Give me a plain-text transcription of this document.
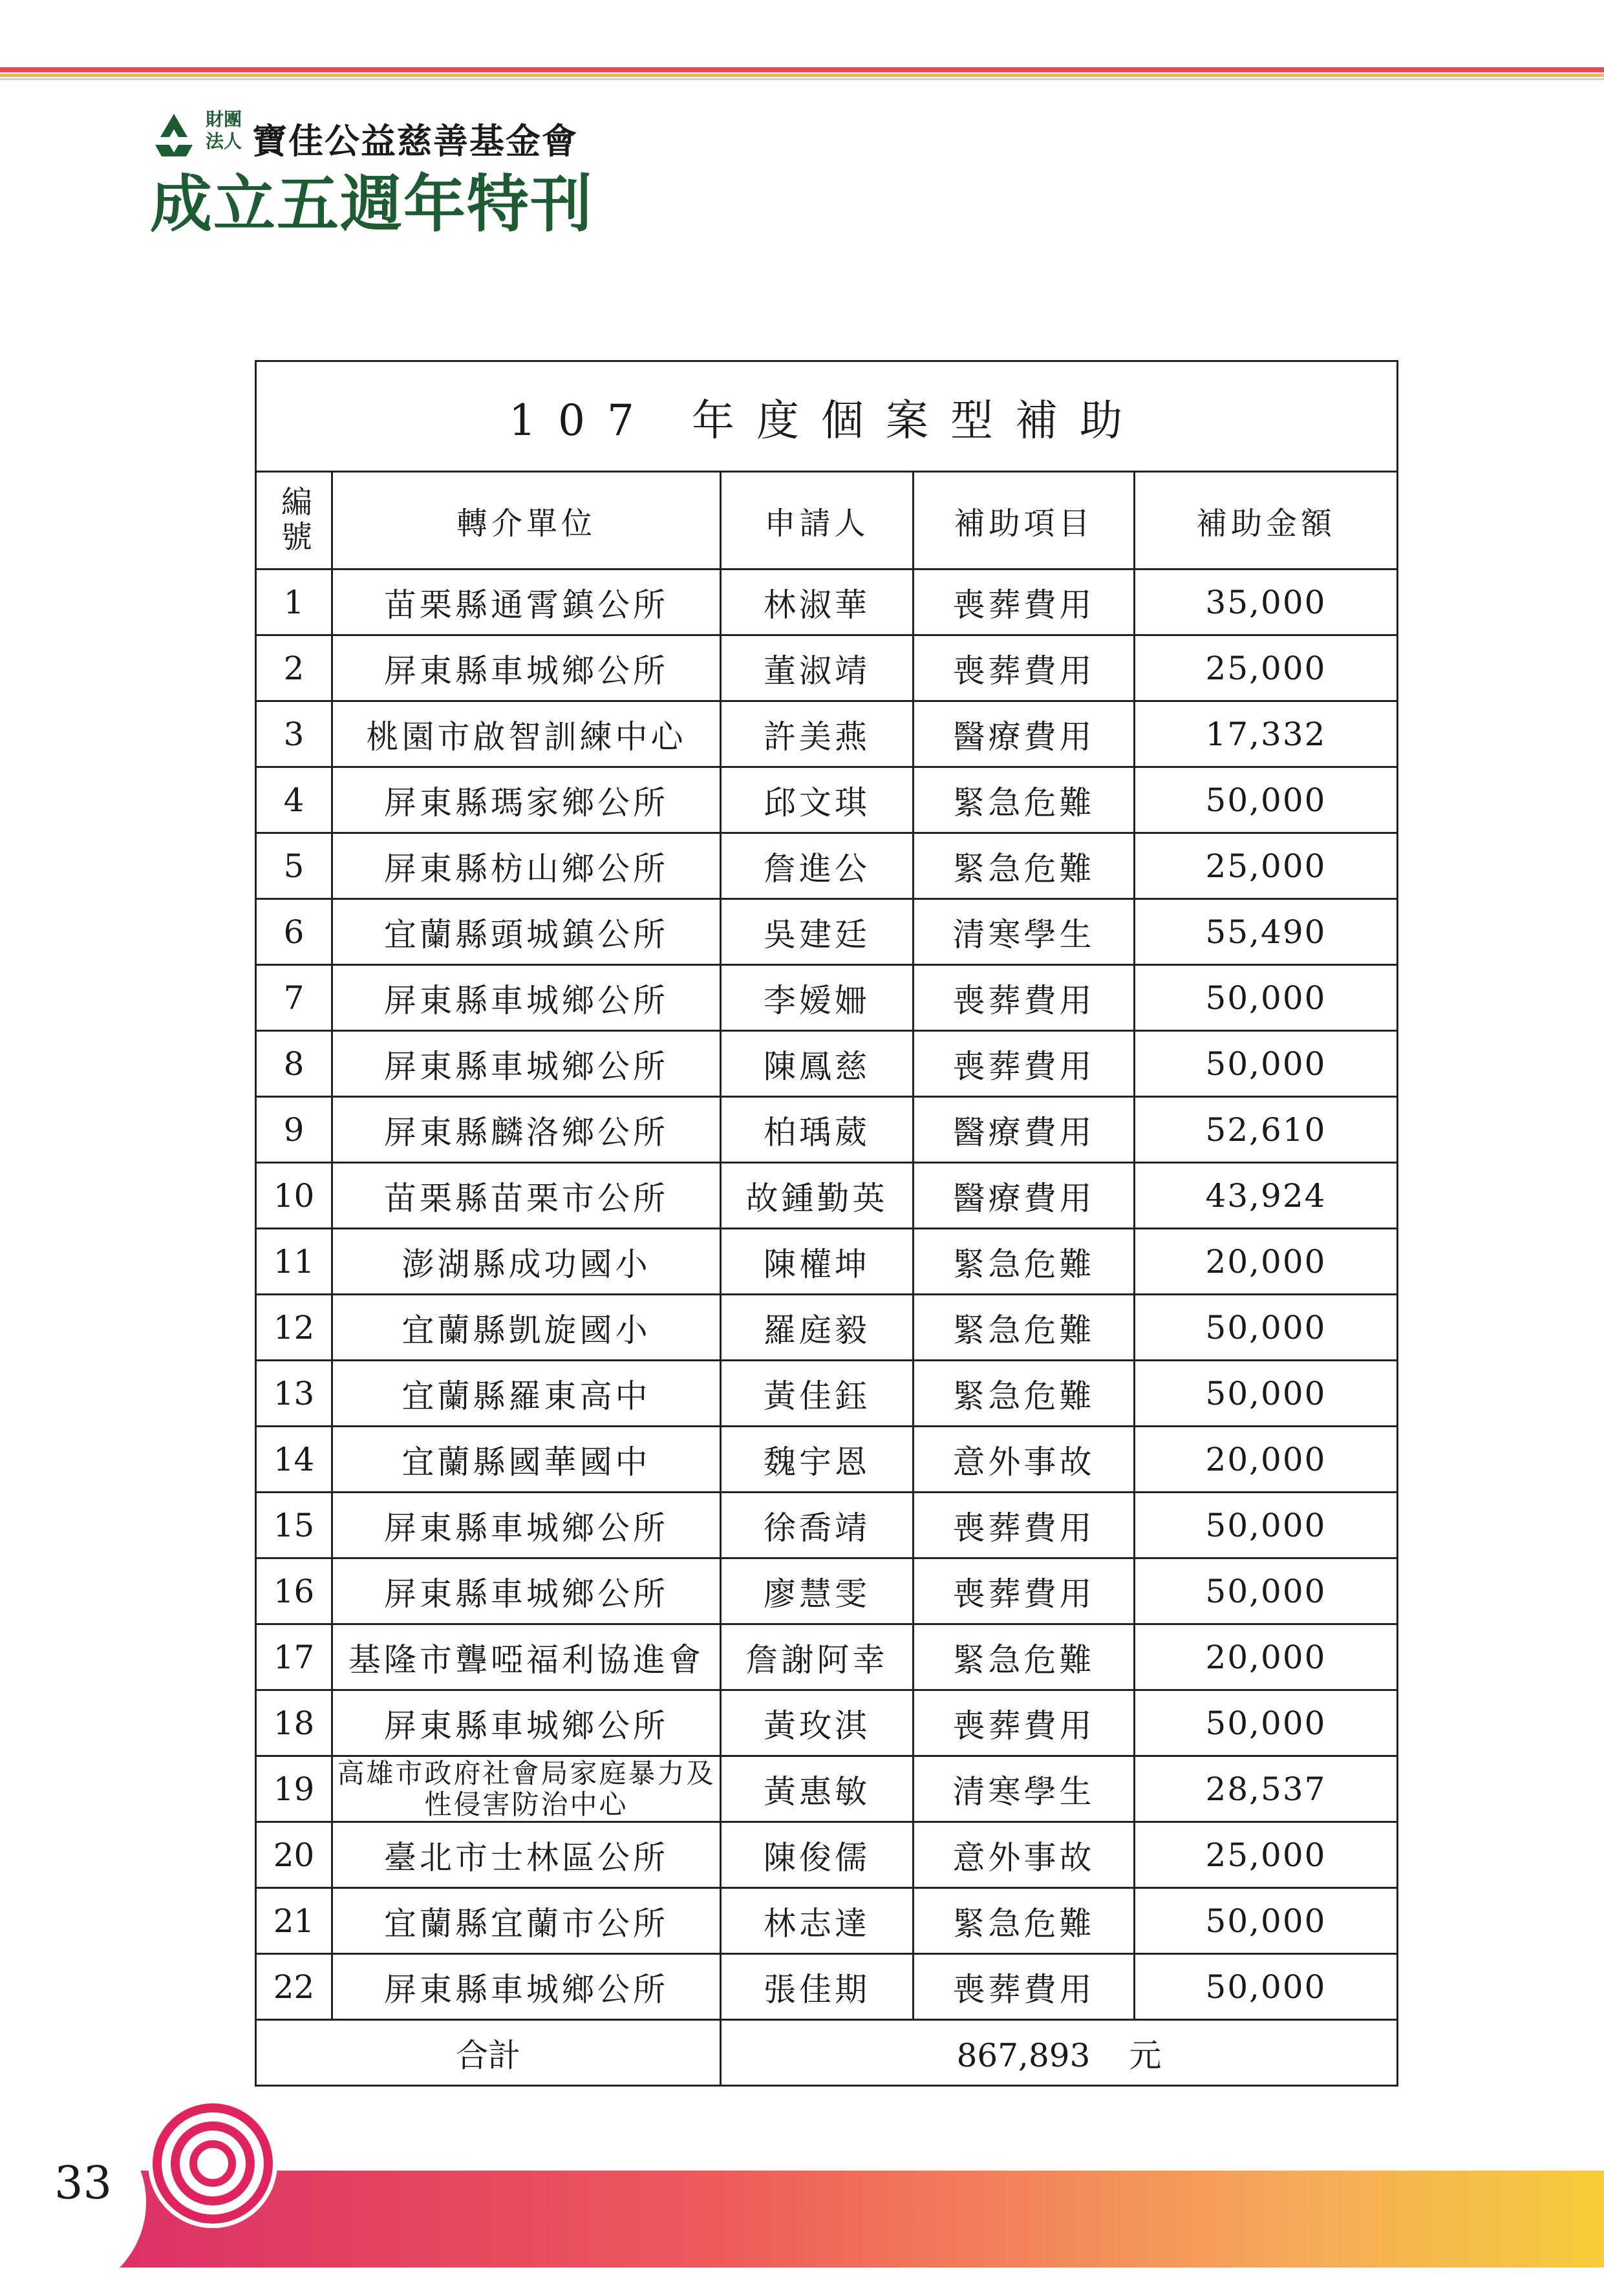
財團 法人 寶佳公益慈善基金會
成立五週年特刊
107 年度個案型補助				
編號	轉介單位	申請人	補助項目	補助金額
1	苗栗縣通霄鎮公所	林淑華	喪葬費用	35,000
2	屏東縣車城鄉公所	董淑靖	喪葬費用	25,000
3	桃園市啟智訓練中心	許美燕	醫療費用	17,332
4	屏東縣瑪家鄉公所	邱文琪	緊急危難	50,000
5	屏東縣枋山鄉公所	詹進公	緊急危難	25,000
6	宜蘭縣頭城鎮公所	吳建廷	清寒學生	55,490
7	屏東縣車城鄉公所	李嫒姍	喪葬費用	50,000
8	屏東縣車城鄉公所	陳鳳慈	喪葬費用	50,000
9	屏東縣麟洛鄉公所	柏瑀葳	醫療費用	52,610
10	苗栗縣苗栗市公所	故鍾勤英	醫療費用	43,924
11	澎湖縣成功國小	陳權坤	緊急危難	20,000
12	宜蘭縣凱旋國小	羅庭毅	緊急危難	50,000
13	宜蘭縣羅東高中	黃佳鈺	緊急危難	50,000
14	宜蘭縣國華國中	魏宇恩	意外事故	20,000
15	屏東縣車城鄉公所	徐喬靖	喪葬費用	50,000
16	屏東縣車城鄉公所	廖慧雯	喪葬費用	50,000
17	基隆市聾啞福利協進會	詹謝阿幸	緊急危難	20,000
18	屏東縣車城鄉公所	黃玫淇	喪葬費用	50,000
19	高雄市政府社會局家庭暴力及性侵害防治中心	黃惠敏	清寒學生	28,537
20	臺北市士林區公所	陳俊儒	意外事故	25,000
21	宜蘭縣宜蘭市公所	林志達	緊急危難	50,000
22	屏東縣車城鄉公所	張佳期	喪葬費用	50,000
合計		867,893 元		
33
